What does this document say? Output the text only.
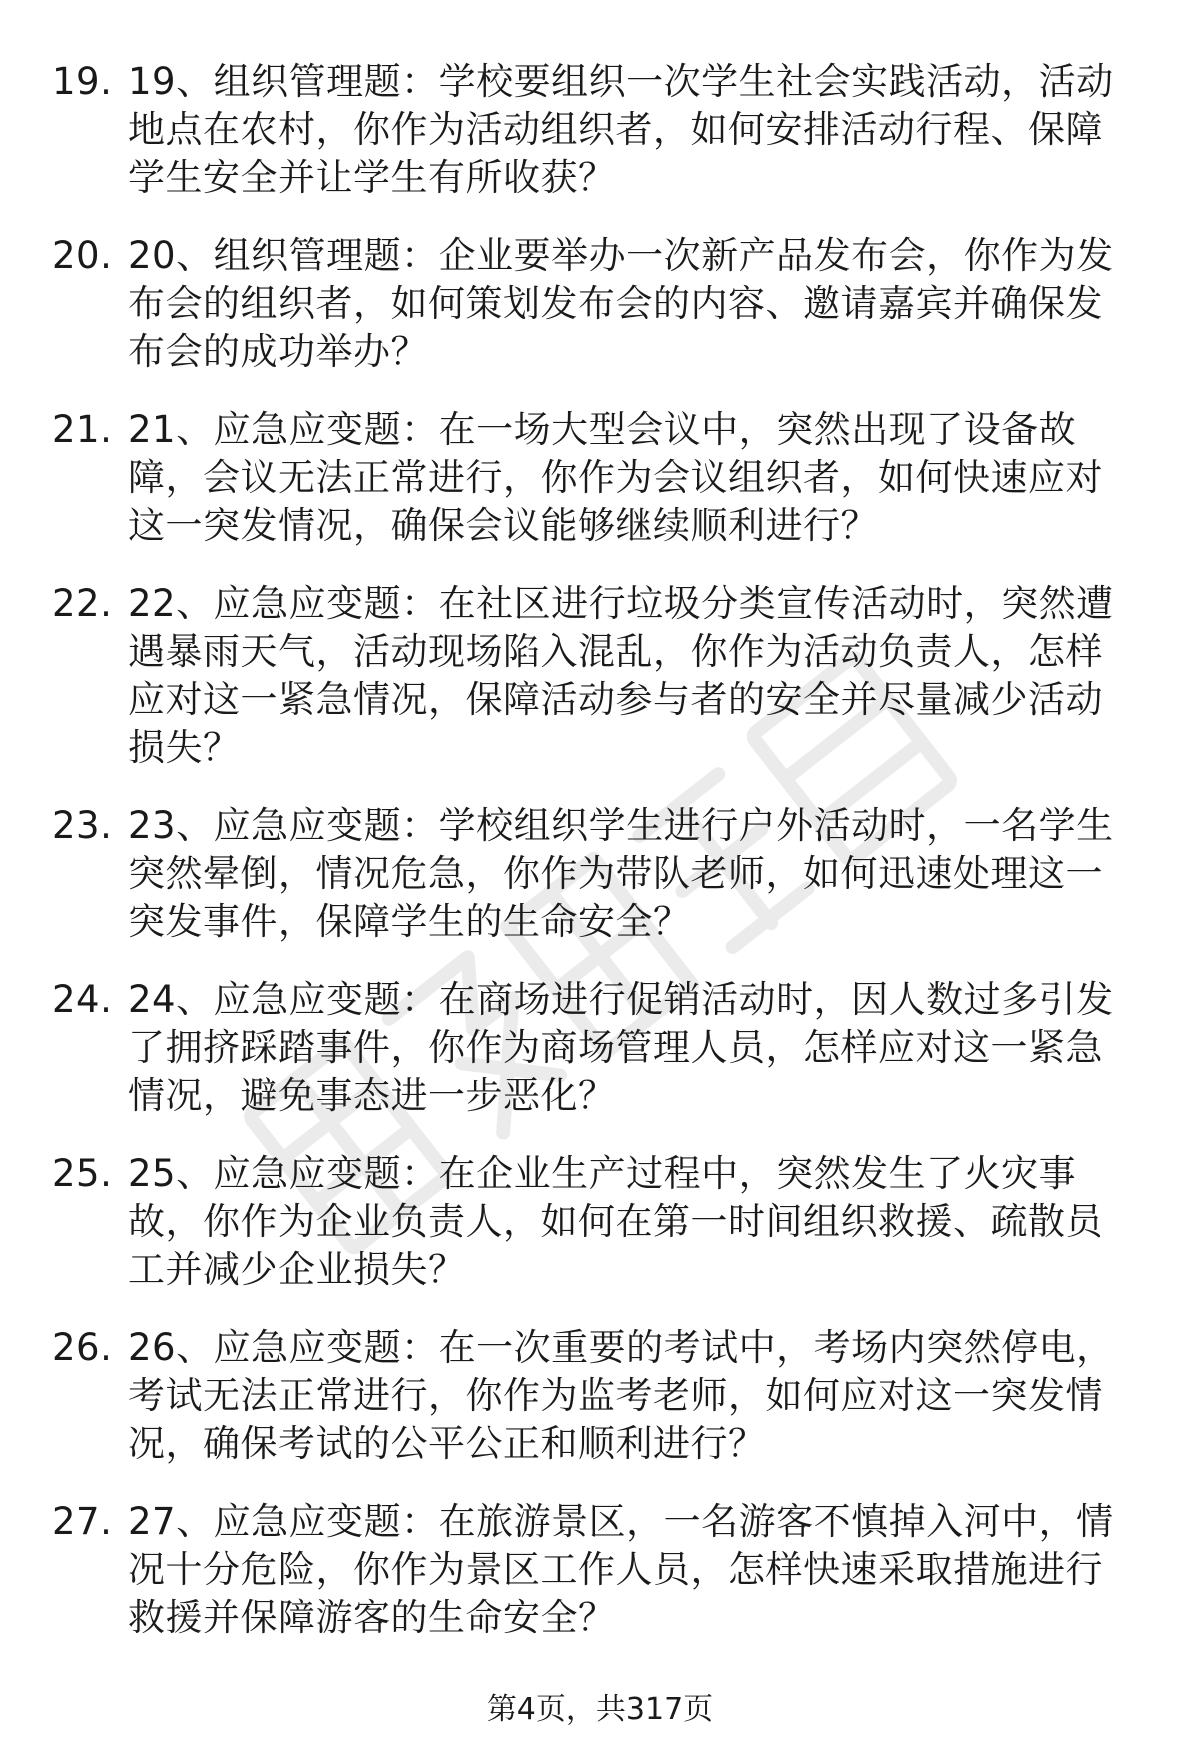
19. 19、组织管理题：学校要组织一次学生社会实践活动，活动地点在农村，你作为活动组织者，如何安排活动行程、保障学生安全并让学生有所收获？
20. 20、组织管理题：企业要举办一次新产品发布会，你作为发布会的组织者，如何策划发布会的内容、邀请嘉宾并确保发布会的成功举办？
21. 21、应急应变题：在一场大型会议中，突然出现了设备故障，会议无法正常进行，你作为会议组织者，如何快速应对这一突发情况，确保会议能够继续顺利进行？
22. 22、应急应变题：在社区进行垃圾分类宣传活动时，突然遭遇暴雨天气，活动现场陷入混乱，你作为活动负责人，怎样应对这一紧急情况，保障活动参与者的安全并尽量减少活动损失？
23. 23、应急应变题：学校组织学生进行户外活动时，一名学生突然晕倒，情况危急，你作为带队老师，如何迅速处理这一突发事件，保障学生的生命安全？
24. 24、应急应变题：在商场进行促销活动时，因人数过多引发了拥挤踩踏事件，你作为商场管理人员，怎样应对这一紧急情况，避免事态进一步恶化？
25. 25、应急应变题：在企业生产过程中，突然发生了火灾事故，你作为企业负责人，如何在第一时间组织救援、疏散员工并减少企业损失？
26. 26、应急应变题：在一次重要的考试中，考场内突然停电，考试无法正常进行，你作为监考老师，如何应对这一突发情况，确保考试的公平公正和顺利进行？
27. 27、应急应变题：在旅游景区，一名游客不慎掉入河中，情况十分危险，你作为景区工作人员，怎样快速采取措施进行救援并保障游客的生命安全？
第4页，共317页
